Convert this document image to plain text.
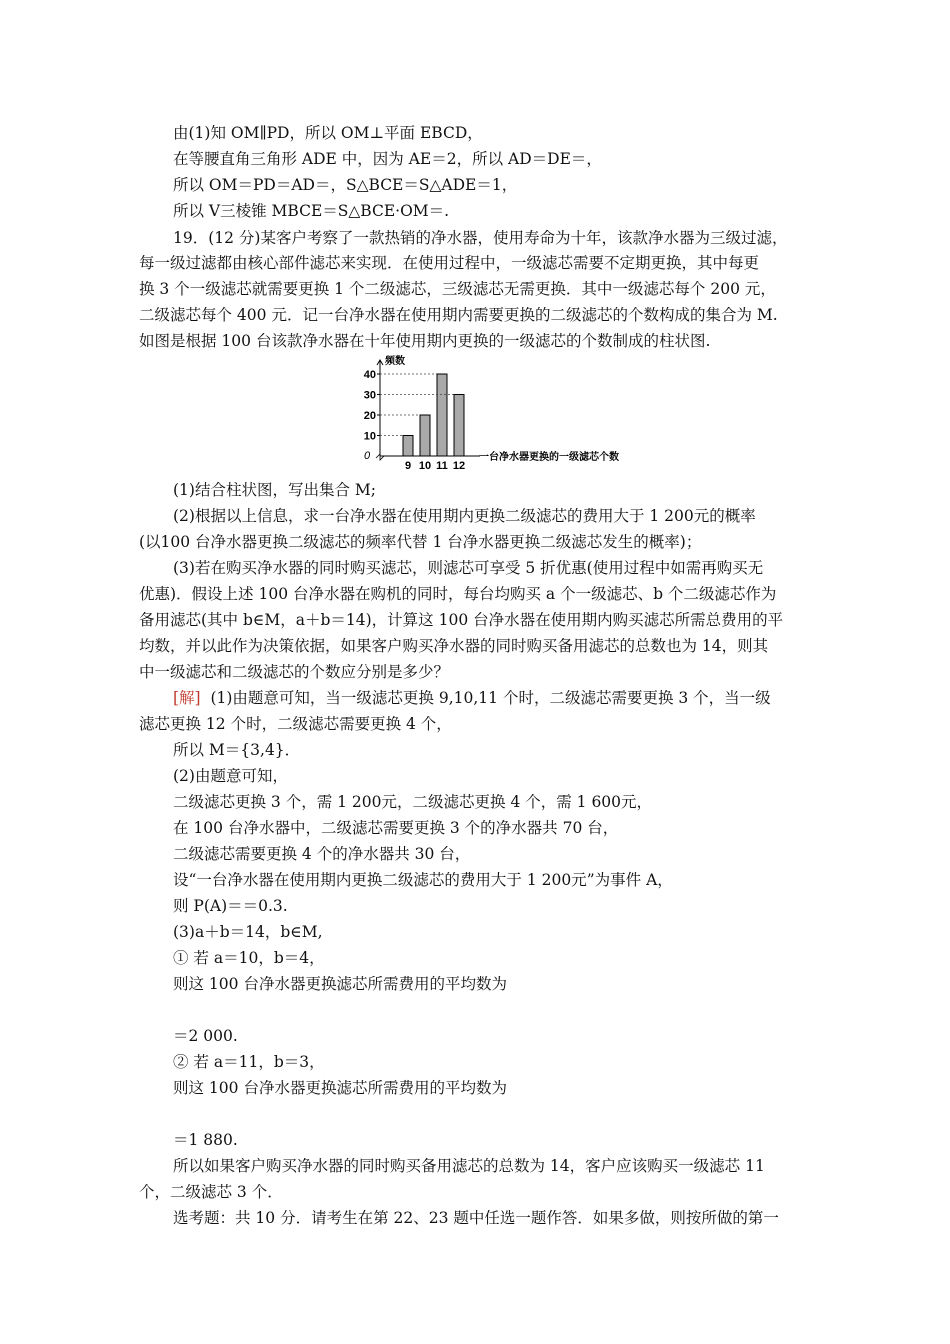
由(1)知 OM∥PD，所以 OM⊥平面 EBCD，
在等腰直角三角形 ADE 中，因为 AE＝2，所以 AD＝DE＝，
所以 OM＝PD＝AD＝，S△BCE＝S△ADE＝1，
所以 V三棱锥 MBCE＝S△BCE·OM＝.
19．(12 分)某客户考察了一款热销的净水器，使用寿命为十年，该款净水器为三级过滤，
每一级过滤都由核心部件滤芯来实现．在使用过程中，一级滤芯需要不定期更换，其中每更
换 3 个一级滤芯就需要更换 1 个二级滤芯，三级滤芯无需更换．其中一级滤芯每个 200 元，
二级滤芯每个 400 元．记一台净水器在使用期内需要更换的二级滤芯的个数构成的集合为 M.
如图是根据 100 台该款净水器在十年使用期内更换的一级滤芯的个数制成的柱状图.
频数
0	一台净水器更换的一级滤芯个数
10
20
30
40
9 10 11 12
(1)结合柱状图，写出集合 M;
(2)根据以上信息，求一台净水器在使用期内更换二级滤芯的费用大于 1 200元的概率
(以100 台净水器更换二级滤芯的频率代替 1 台净水器更换二级滤芯发生的概率)；
(3)若在购买净水器的同时购买滤芯，则滤芯可享受 5 折优惠(使用过程中如需再购买无
优惠)．假设上述 100 台净水器在购机的同时，每台均购买 a 个一级滤芯、b 个二级滤芯作为
备用滤芯(其中 b∈M，a＋b＝14)，计算这 100 台净水器在使用期内购买滤芯所需总费用的平
均数，并以此作为决策依据，如果客户购买净水器的同时购买备用滤芯的总数也为 14，则其
中一级滤芯和二级滤芯的个数应分别是多少？
[解] (1)由题意可知，当一级滤芯更换 9,10,11 个时，二级滤芯需要更换 3 个，当一级
滤芯更换 12 个时，二级滤芯需要更换 4 个，
所以 M＝{3,4}．
(2)由题意可知，
二级滤芯更换 3 个，需 1 200元，二级滤芯更换 4 个，需 1 600元，
在 100 台净水器中，二级滤芯需要更换 3 个的净水器共 70 台，
二级滤芯需要更换 4 个的净水器共 30 台，
设“一台净水器在使用期内更换二级滤芯的费用大于 1 200元”为事件 A，
则 P(A)＝＝0.3.
(3)a＋b＝14，b∈M,
① 若 a＝10，b＝4，
则这 100 台净水器更换滤芯所需费用的平均数为
＝2 000.
② 若 a＝11，b＝3，
则这 100 台净水器更换滤芯所需费用的平均数为
＝1 880.
所以如果客户购买净水器的同时购买备用滤芯的总数为 14，客户应该购买一级滤芯 11
个，二级滤芯 3 个．
选考题：共 10 分．请考生在第 22、23 题中任选一题作答．如果多做，则按所做的第一
